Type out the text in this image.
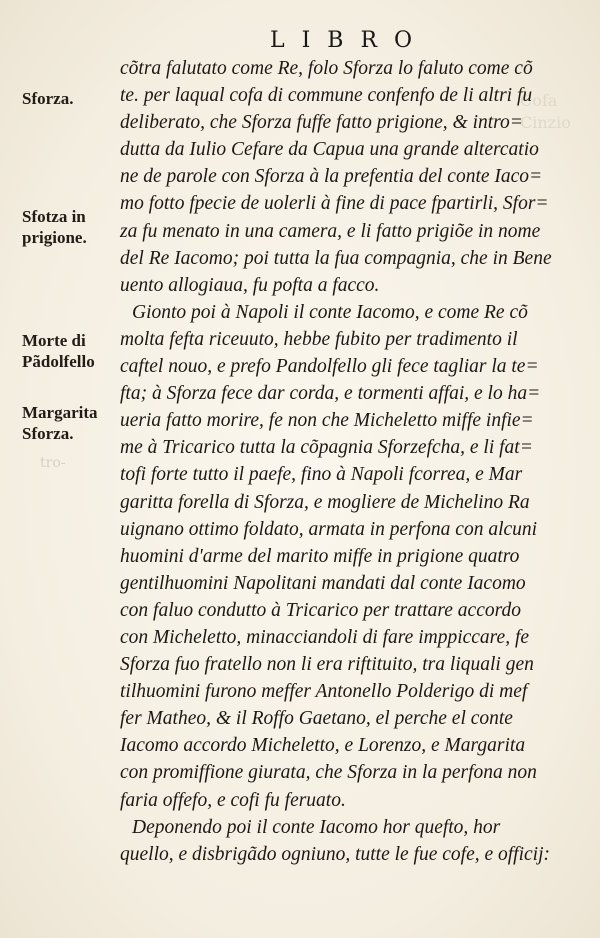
L I B R O
Cofa
Cinzio
tro-
Sforza.
Sfotza in
prigione.
Morte di
Pãdolfello
Margarita
Sforza.
cõtra falutato come Re, folo Sforza lo faluto come cõ
te. per laqual cofa di commune confenfo de li altri fu
deliberato, che Sforza fuffe fatto prigione, & intro=
dutta da Iulio Cefare da Capua una grande altercatio
ne de parole con Sforza à la prefentia del conte Iaco=
mo fotto fpecie de uolerli à fine di pace fpartirli, Sfor=
za fu menato in una camera, e li fatto prigiõe in nome
del Re Iacomo; poi tutta la fua compagnia, che in Bene
uento allogiaua, fu pofta a facco.
Gionto poi à Napoli il conte Iacomo, e come Re cõ
molta fefta riceuuto, hebbe fubito per tradimento il
caftel nouo, e prefo Pandolfello gli fece tagliar la te=
fta; à Sforza fece dar corda, e tormenti affai, e lo ha=
ueria fatto morire, fe non che Micheletto miffe infie=
me à Tricarico tutta la cõpagnia Sforzefcha, e li fat=
tofi forte tutto il paefe, fino à Napoli fcorrea, e Mar
garitta forella di Sforza, e mogliere de Michelino Ra
uignano ottimo foldato, armata in perfona con alcuni
huomini d'arme del marito miffe in prigione quatro
gentilhuomini Napolitani mandati dal conte Iacomo
con faluo condutto à Tricarico per trattare accordo
con Micheletto, minacciandoli di fare imppiccare, fe
Sforza fuo fratello non li era riftituito, tra liquali gen
tilhuomini furono meffer Antonello Polderigo di mef
fer Matheo, & il Roffo Gaetano, el perche el conte
Iacomo accordo Micheletto, e Lorenzo, e Margarita
con promiffione giurata, che Sforza in la perfona non
faria offefo, e cofi fu feruato.
Deponendo poi il conte Iacomo hor quefto, hor
quello, e disbrigãdo ogniuno, tutte le fue cofe, e officij:
